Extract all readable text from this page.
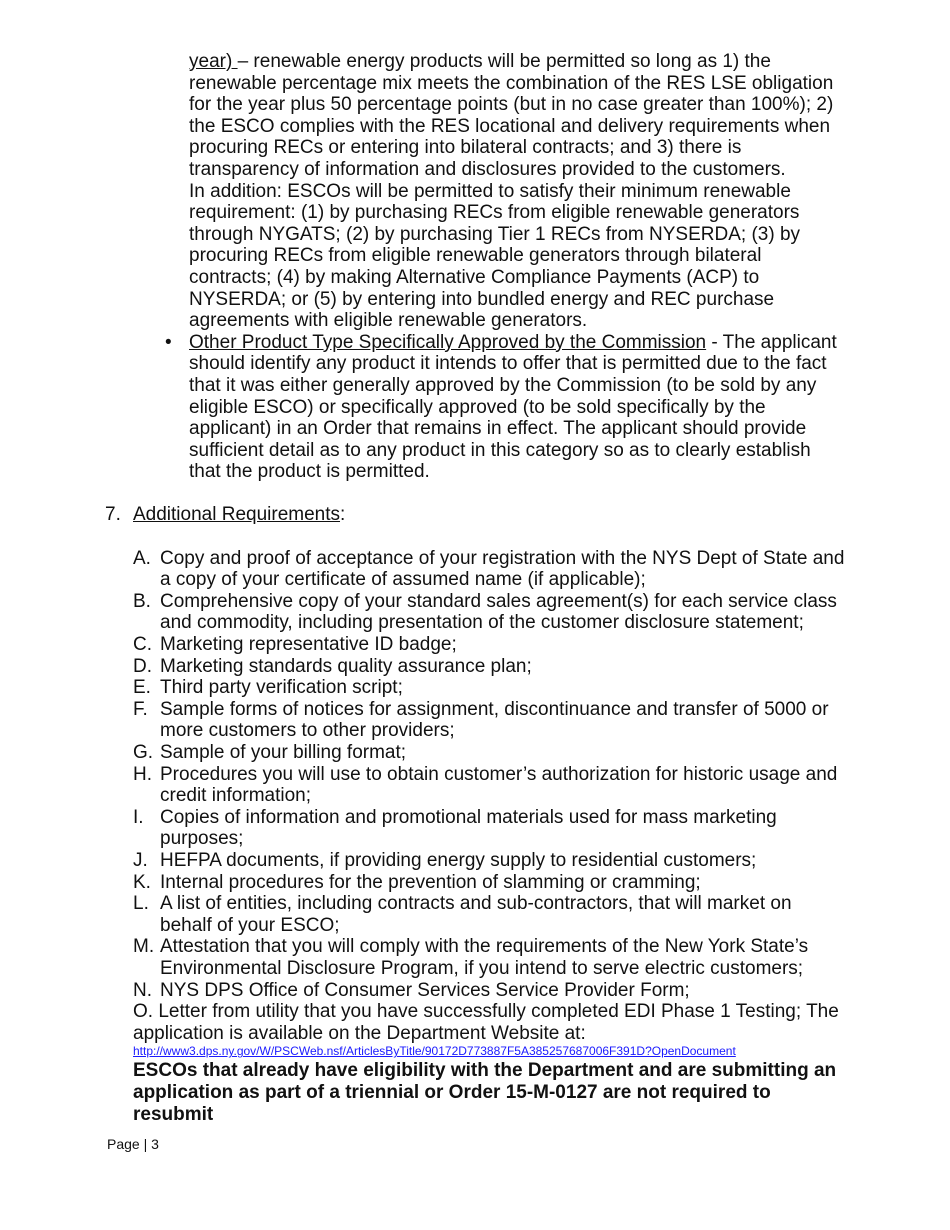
year) – renewable energy products will be permitted so long as 1) the renewable percentage mix meets the combination of the RES LSE obligation for the year plus 50 percentage points (but in no case greater than 100%); 2) the ESCO complies with the RES locational and delivery requirements when procuring RECs or entering into bilateral contracts; and 3) there is transparency of information and disclosures provided to the customers.

In addition: ESCOs will be permitted to satisfy their minimum renewable requirement: (1) by purchasing RECs from eligible renewable generators through NYGATS; (2) by purchasing Tier 1 RECs from NYSERDA; (3) by procuring RECs from eligible renewable generators through bilateral contracts; (4) by making Alternative Compliance Payments (ACP) to NYSERDA; or (5) by entering into bundled energy and REC purchase agreements with eligible renewable generators.

• Other Product Type Specifically Approved by the Commission - The applicant should identify any product it intends to offer that is permitted due to the fact that it was either generally approved by the Commission (to be sold by any eligible ESCO) or specifically approved (to be sold specifically by the applicant) in an Order that remains in effect. The applicant should provide sufficient detail as to any product in this category so as to clearly establish that the product is permitted.

7. Additional Requirements:
A. Copy and proof of acceptance of your registration with the NYS Dept of State and a copy of your certificate of assumed name (if applicable);
B. Comprehensive copy of your standard sales agreement(s) for each service class and commodity, including presentation of the customer disclosure statement;
C. Marketing representative ID badge;
D. Marketing standards quality assurance plan;
E. Third party verification script;
F. Sample forms of notices for assignment, discontinuance and transfer of 5000 or more customers to other providers;
G. Sample of your billing format;
H. Procedures you will use to obtain customer’s authorization for historic usage and credit information;
I. Copies of information and promotional materials used for mass marketing purposes;
J. HEFPA documents, if providing energy supply to residential customers;
K. Internal procedures for the prevention of slamming or cramming;
L. A list of entities, including contracts and sub-contractors, that will market on behalf of your ESCO;
M. Attestation that you will comply with the requirements of the New York State’s Environmental Disclosure Program, if you intend to serve electric customers;
N. NYS DPS Office of Consumer Services Service Provider Form;

O. Letter from utility that you have successfully completed EDI Phase 1 Testing; The application is available on the Department Website at:

http://www3.dps.ny.gov/W/PSCWeb.nsf/ArticlesByTitle/90172D773887F5A385257687006F391D?OpenDocument

ESCOs that already have eligibility with the Department and are submitting an application as part of a triennial or Order 15-M-0127 are not required to resubmit

Page | 3
